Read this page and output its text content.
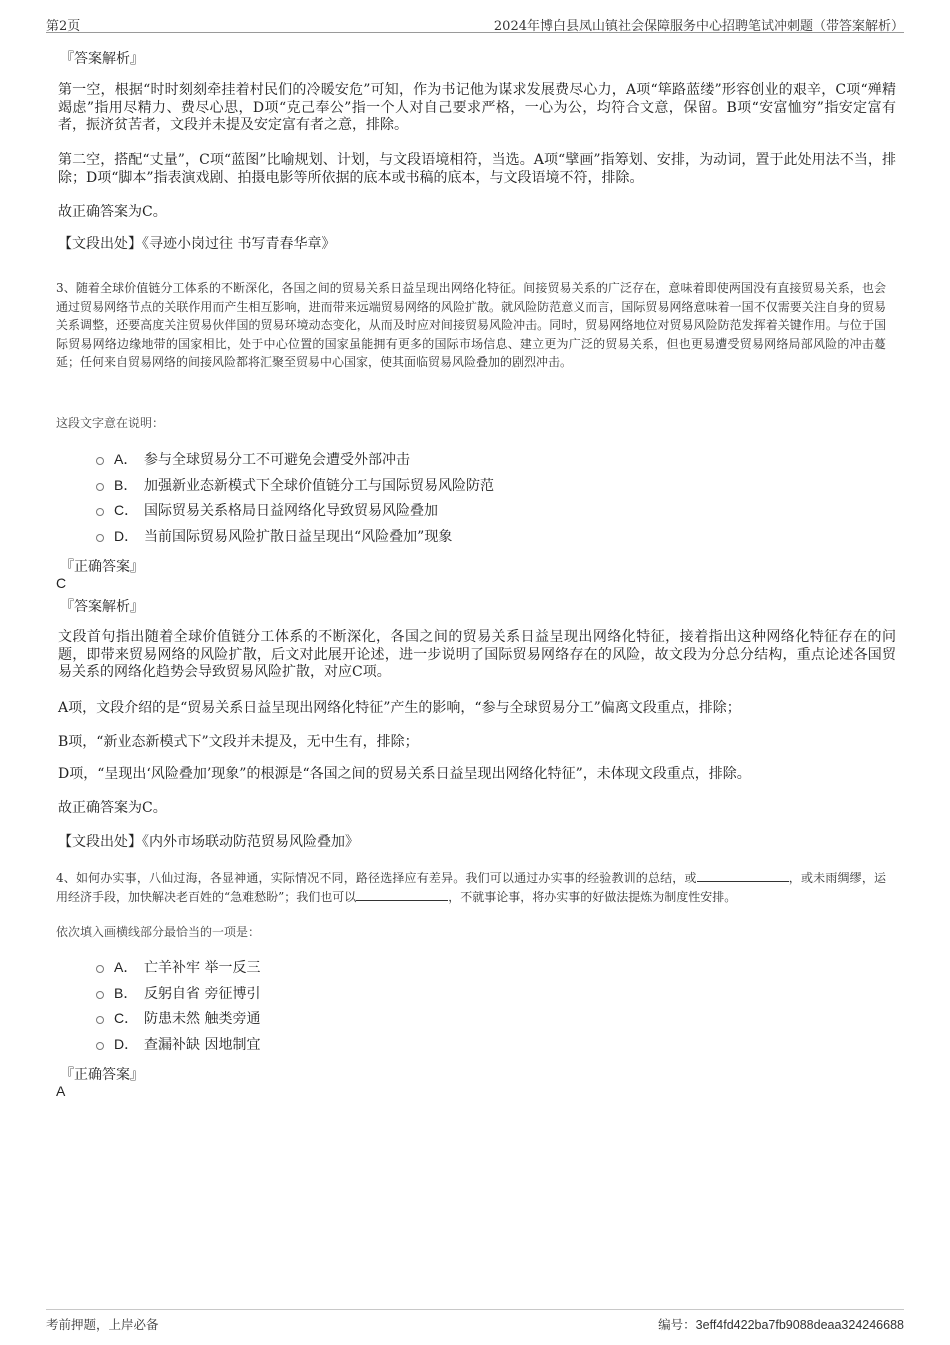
第2页	2024年博白县凤山镇社会保障服务中心招聘笔试冲刺题（带答案解析）
『答案解析』
第一空，根据“时时刻刻牵挂着村民们的冷暖安危”可知，作为书记他为谋求发展费尽心力，A项“筚路蓝缕”形容创业的艰辛，C项“殚精竭虑”指用尽精力、费尽心思，D项“克己奉公”指一个人对自己要求严格，一心为公，均符合文意，保留。B项“安富恤穷”指安定富有者，振济贫苦者，文段并未提及安定富有者之意，排除。
第二空，搭配“丈量”，C项“蓝图”比喻规划、计划，与文段语境相符，当选。A项“擘画”指筹划、安排，为动词，置于此处用法不当，排除；D项“脚本”指表演戏剧、拍摄电影等所依据的底本或书稿的底本，与文段语境不符，排除。
故正确答案为C。
【文段出处】《寻迹小岗过往 书写青春华章》
3、随着全球价值链分工体系的不断深化，各国之间的贸易关系日益呈现出网络化特征。间接贸易关系的广泛存在，意味着即使两国没有直接贸易关系，也会通过贸易网络节点的关联作用而产生相互影响，进而带来远端贸易网络的风险扩散。就风险防范意义而言，国际贸易网络意味着一国不仅需要关注自身的贸易关系调整，还要高度关注贸易伙伴国的贸易环境动态变化，从而及时应对间接贸易风险冲击。同时，贸易网络地位对贸易风险防范发挥着关键作用。与位于国际贸易网络边缘地带的国家相比，处于中心位置的国家虽能拥有更多的国际市场信息、建立更为广泛的贸易关系，但也更易遭受贸易网络局部风险的冲击蔓延；任何来自贸易网络的间接风险都将汇聚至贸易中心国家，使其面临贸易风险叠加的剧烈冲击。
这段文字意在说明：
A． 参与全球贸易分工不可避免会遭受外部冲击
B． 加强新业态新模式下全球价值链分工与国际贸易风险防范
C． 国际贸易关系格局日益网络化导致贸易风险叠加
D． 当前国际贸易风险扩散日益呈现出“风险叠加”现象
『正确答案』
C
『答案解析』
文段首句指出随着全球价值链分工体系的不断深化，各国之间的贸易关系日益呈现出网络化特征，接着指出这种网络化特征存在的问题，即带来贸易网络的风险扩散，后文对此展开论述，进一步说明了国际贸易网络存在的风险，故文段为分总分结构，重点论述各国贸易关系的网络化趋势会导致贸易风险扩散，对应C项。
A项，文段介绍的是“贸易关系日益呈现出网络化特征”产生的影响，“参与全球贸易分工”偏离文段重点，排除；
B项，“新业态新模式下”文段并未提及，无中生有，排除；
D项，“呈现出‘风险叠加’现象”的根源是“各国之间的贸易关系日益呈现出网络化特征”，未体现文段重点，排除。
故正确答案为C。
【文段出处】《内外市场联动防范贸易风险叠加》
4、如何办实事，八仙过海，各显神通，实际情况不同，路径选择应有差异。我们可以通过办实事的经验教训的总结，或	，或未雨绸缪，运用经济手段，加快解决老百姓的“急难愁盼”；我们也可以	，不就事论事，将办实事的好做法提炼为制度性安排。
依次填入画横线部分最恰当的一项是：
A． 亡羊补牢 举一反三
B． 反躬自省 旁征博引
C． 防患未然 触类旁通
D． 查漏补缺 因地制宜
『正确答案』
A
考前押题，上岸必备	编号：3eff4fd422ba7fb9088deaa324246688
